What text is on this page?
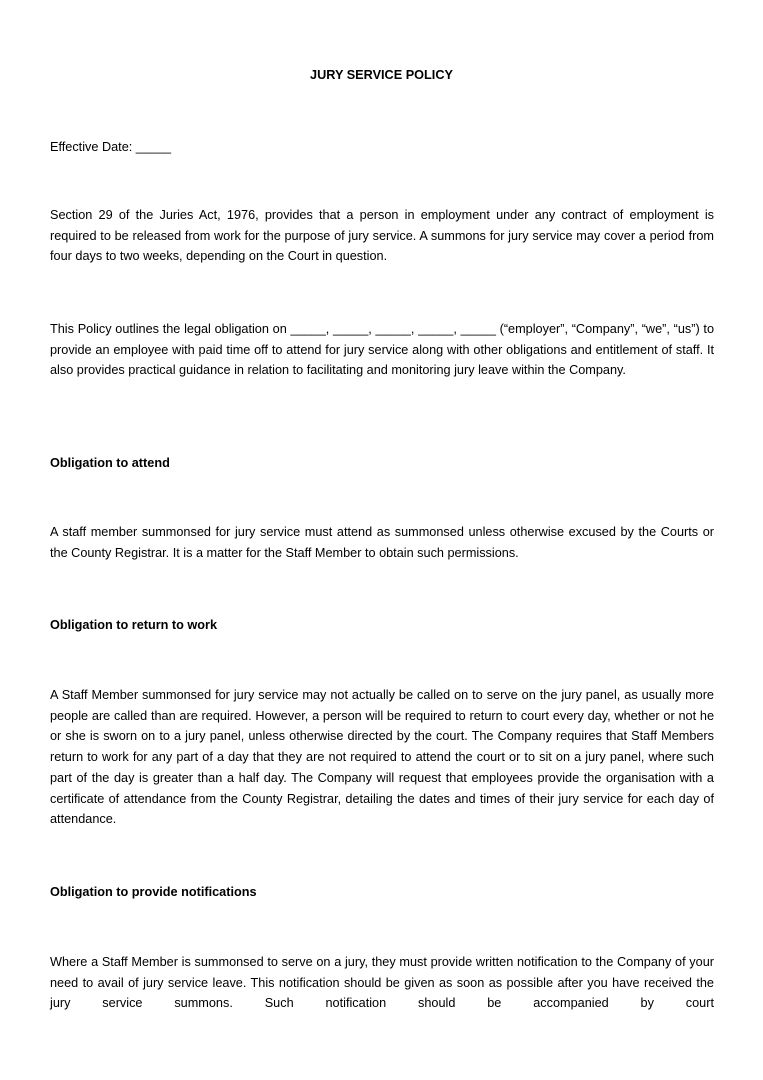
JURY SERVICE POLICY

Effective Date: _____

Section 29 of the Juries Act, 1976, provides that a person in employment under any contract of employment is required to be released from work for the purpose of jury service. A summons for jury service may cover a period from four days to two weeks, depending on the Court in question.

This Policy outlines the legal obligation on _____, _____, _____, _____, _____ (“employer”, “Company”, “we”, “us”) to provide an employee with paid time off to attend for jury service along with other obligations and entitlement of staff. It also provides practical guidance in relation to facilitating and monitoring jury leave within the Company.

Obligation to attend

A staff member summonsed for jury service must attend as summonsed unless otherwise excused by the Courts or the County Registrar. It is a matter for the Staff Member to obtain such permissions.

Obligation to return to work

A Staff Member summonsed for jury service may not actually be called on to serve on the jury panel, as usually more people are called than are required. However, a person will be required to return to court every day, whether or not he or she is sworn on to a jury panel, unless otherwise directed by the court. The Company requires that Staff Members return to work for any part of a day that they are not required to attend the court or to sit on a jury panel, where such part of the day is greater than a half day. The Company will request that employees provide the organisation with a certificate of attendance from the County Registrar, detailing the dates and times of their jury service for each day of attendance.

Obligation to provide notifications

Where a Staff Member is summonsed to serve on a jury, they must provide written notification to the Company of your need to avail of jury service leave. This notification should be given as soon as possible after you have received the jury service summons. Such notification should be accompanied by court
